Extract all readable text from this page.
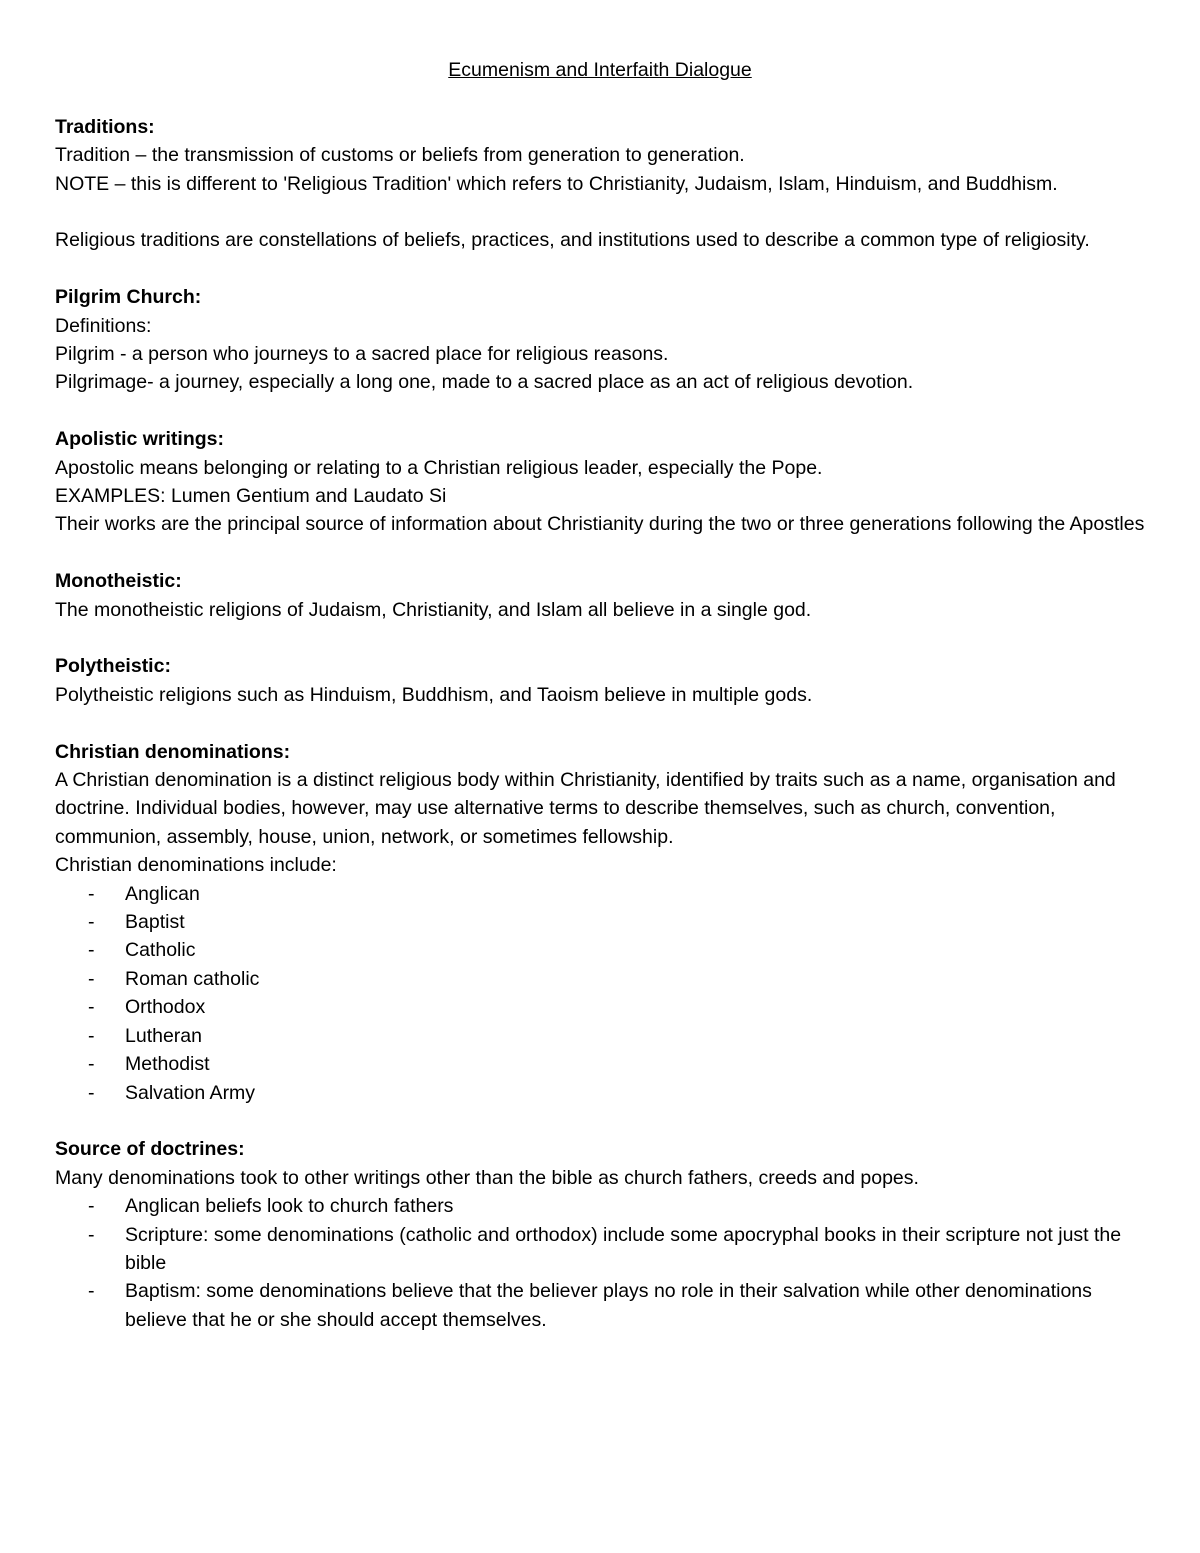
Ecumenism and Interfaith Dialogue

Traditions:

Tradition – the transmission of customs or beliefs from generation to generation.

NOTE – this is different to 'Religious Tradition' which refers to Christianity, Judaism, Islam, Hinduism, and Buddhism.

Religious traditions are constellations of beliefs, practices, and institutions used to describe a common type of religiosity.

Pilgrim Church:

Definitions:

Pilgrim - a person who journeys to a sacred place for religious reasons.

Pilgrimage- a journey, especially a long one, made to a sacred place as an act of religious devotion.

Apolistic writings:

Apostolic means belonging or relating to a Christian religious leader, especially the Pope.

EXAMPLES: Lumen Gentium and Laudato Si

Their works are the principal source of information about Christianity during the two or three generations following the Apostles

Monotheistic:

The monotheistic religions of Judaism, Christianity, and Islam all believe in a single god.

Polytheistic:

Polytheistic religions such as Hinduism, Buddhism, and Taoism believe in multiple gods.

Christian denominations:

A Christian denomination is a distinct religious body within Christianity, identified by traits such as a name, organisation and doctrine. Individual bodies, however, may use alternative terms to describe themselves, such as church, convention, communion, assembly, house, union, network, or sometimes fellowship.

Christian denominations include:

- Anglican
- Baptist
- Catholic
- Roman catholic
- Orthodox
- Lutheran
- Methodist
- Salvation Army

Source of doctrines:

Many denominations took to other writings other than the bible as church fathers, creeds and popes.

- Anglican beliefs look to church fathers
- Scripture: some denominations (catholic and orthodox) include some apocryphal books in their scripture not just the bible
- Baptism: some denominations believe that the believer plays no role in their salvation while other denominations believe that he or she should accept themselves.
